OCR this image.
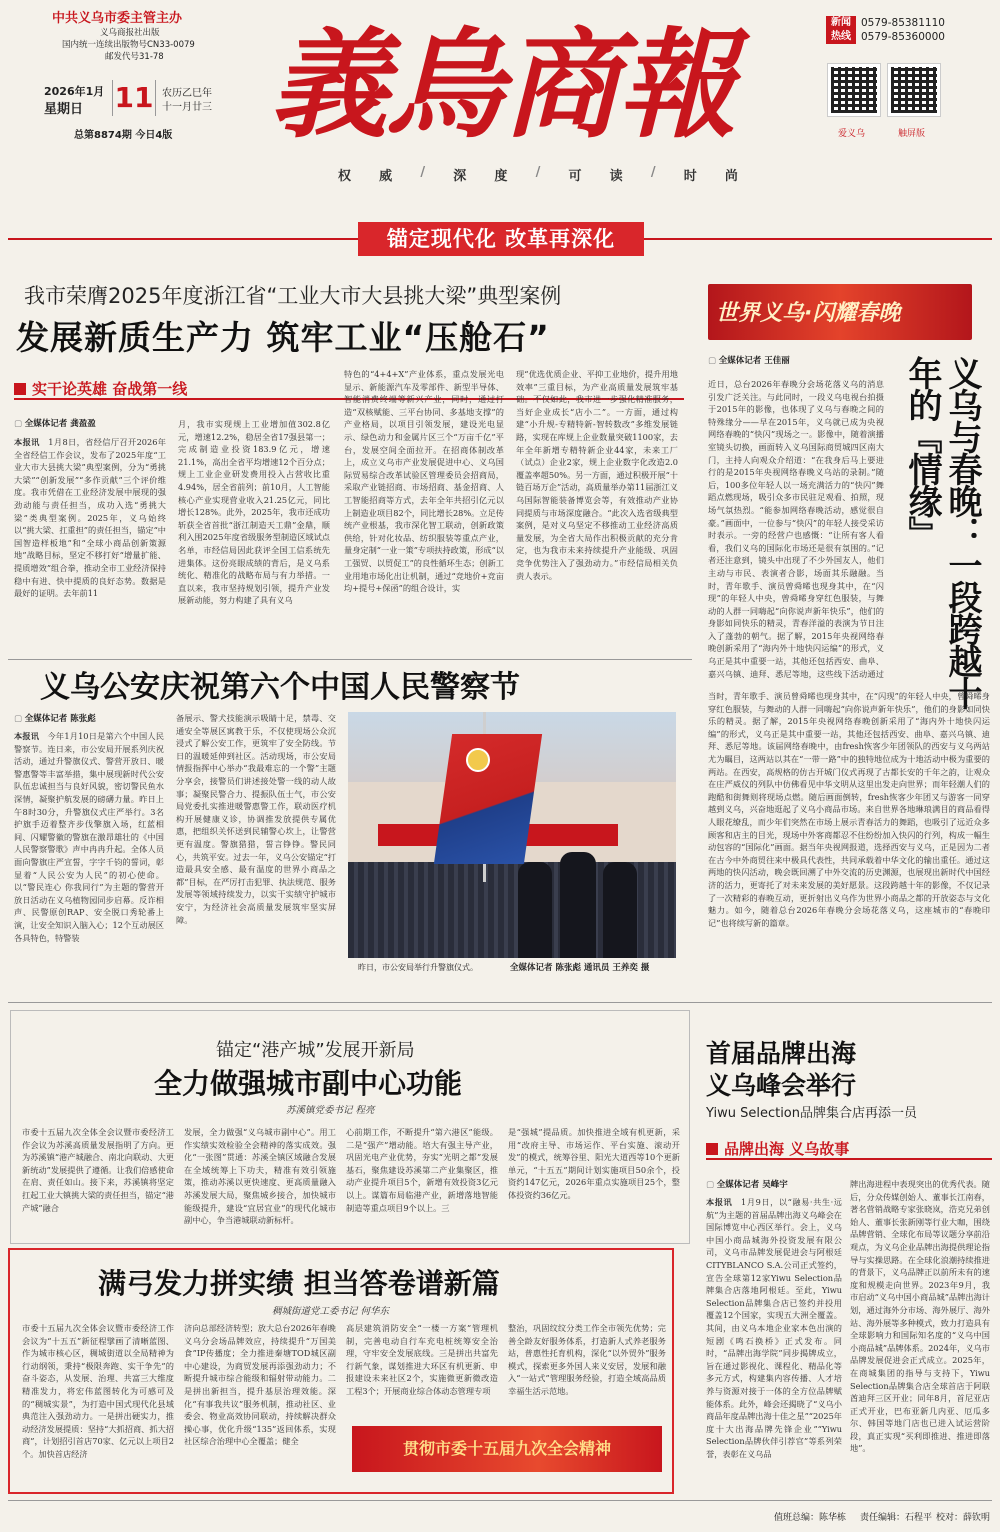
中共义乌市委主管主办
义乌商报社出版
国内统一连续出版物号CN33-0079
邮发代号31-78
2026年1月
星期日 11 农历乙巳年
十一月廿三
总第8874期 今日4版 義烏商報
权 威 / 深 度 / 可 读 / 时 尚
新闻
热线
0579-85381110
0579-85360000
爱义乌	触屏版
锚定现代化 改革再深化
我市荣膺2025年度浙江省“工业大市大县挑大梁”典型案例
发展新质生产力 筑牢工业“压舱石”
实干论英雄 奋战第一线
▢ 全媒体记者 龚盈盈
本报讯　 1月8日，省经信厅召开2026年全省经信工作会议，发布了2025年度“工业大市大县挑大梁”典型案例，分为“勇挑大梁”“创新发展”“多作贡献”三个评价维度。我市凭借在工业经济发展中展现的强劲动能与责任担当，成功入选“勇挑大梁”类典型案例。2025年，义乌始终以“挑大梁、扛重担”的责任担当，锚定“中国智造样板地”和“全球小商品创新策源地”战略目标，坚定不移打好“增量扩能、提质增效”组合拳，推动全市工业经济保持稳中有进、快中提质的良好态势。数据是最好的证明。去年前11
月，我市实现规上工业增加值302.8亿元，增速12.2%，稳居全省17强县第一；完成制造业投资183.9亿元，增速21.1%，高出全省平均增速12个百分点；规上工业企业研发费用投入占营收比重4.94%，居全省前列；前10月，人工智能核心产业实现营业收入21.25亿元，同比增长128%。此外，2025年，我市还成功斩获全省首批“浙江制造天工鼎”金鼎，顺利入围2025年度省级服务型制造区域试点名单，市经信局因此获评全国工信系统先进集体。这份亮眼成绩的背后，是义乌系统化、精准化的战略布局与有力举措。一直以来，我市坚持规划引领，提升产业发展新动能，努力构建了具有义乌
特色的“4+4+X”产业体系，重点发展光电显示、新能源汽车及零部件、新型半导体、智能消费终端等新兴产业，同时，通过打造“双核赋能、三平台协同、多基地支撑”的产业格局，以项目引领发展，建设光电显示、绿色动力和金属片区三个“万亩千亿”平台，发展空间全面拉开。在招商体制改革上，成立义乌市产业发展促进中心、义乌国际贸易综合改革试验区管理委员会招商局，采取产业链招商、市场招商、基金招商、人工智能招商等方式，去年全年共招引亿元以上制造业项目82个，同比增长28%。立足传统产业根基，我市深化智工联动，创新政策供给，针对化妆品、纺织服装等重点产业，量身定制“一业一策”专项扶持政策，形成“以工强贸、以贸促工”的良性循环生态；创新工业用地市场化出让机制，通过“竞地价+竞亩均+提号+保函”的组合设计，实
现“优选优质企业、平抑工业地价，提升用地效率”三重目标，为产业高质量发展筑牢基础。不仅如此，我市进一步强化精准服务，当好企业成长“店小二”。一方面，通过构建“小升规-专精特新-智转数改”多维发展链路，实现在库规上企业数量突破1100家，去年全年新增专精特新企业44家，未来工厂（试点）企业2家，规上企业数字化改造2.0覆盖率超50%。另一方面，通过积极开展“十链百场万企”活动，高质量举办第11届浙江义乌国际智能装备博览会等，有效推动产业协同提质与市场深度融合。“此次入选省级典型案例，是对义乌坚定不移推动工业经济高质量发展，为全省大局作出积极贡献的充分肯定，也为我市未来持续提升产业能级、巩固竞争优势注入了强劲动力。”市经信局相关负责人表示。
义乌公安庆祝第六个中国人民警察节
▢ 全媒体记者 陈张彪
本报讯　 今年1月10日是第六个中国人民警察节。连日来，市公安局开展系列庆祝活动，通过升警旗仪式、警营开放日、暖警惠警等丰富举措，集中展现新时代公安队伍忠诚担当与良好风貌，密切警民鱼水深情，凝聚护航发展的磅礴力量。昨日上午8时30分，升警旗仪式庄严举行。3名护旗手迈着整齐步伐擎旗入场，红蓝相间、闪耀警徽的警旗在激昂雄壮的《中国人民警察警歌》声中冉冉升起。全体人员面向警旗庄严宣誓，字字千钧的誓词，彰显着“人民公安为人民”的初心使命。以“警民连心 你我同行”为主题的警营开放日活动在义乌植物园同步启幕。反诈相声、民警原创RAP、安全脱口秀轮番上演，让安全知识入脑入心；12个互动展区各具特色，特警装
备展示、警犬技能演示吸睛十足，禁毒、交通安全等展区寓教于乐，不仅使现场公众沉浸式了解公安工作，更筑牢了安全防线。节日的温暖延伸到社区。活动现场，市公安局情报指挥中心举办“我最难忘的一个警”主题分享会，接警员们讲述接处警一线的动人故事；凝聚民警合力、提振队伍士气，市公安局党委扎实推进暖警惠警工作，联动医疗机构开展健康义诊，协调推发放提供专属优惠，把组织关怀送到民辅警心坎上，让警营更有温度。警旗猎猎，誓言铮铮。警民同心，共筑平安。过去一年，义乌公安锚定“打造最具安全感、最有温度的世界小商品之都”目标，在严厉打击犯罪、执法规范、服务发展等领域持续发力，以实干实绩守护城市安宁，为经济社会高质量发展筑牢坚实屏障。
昨日，市公安局举行升警旗仪式。	全媒体记者 陈张彪 通讯员 王养奕 摄
世界义乌·闪耀春晚
▢ 全媒体记者 王佳丽
近日，总台2026年春晚分会场花落义乌的消息引发广泛关注。与此同时，一段义乌电视台拍摄于2015年的影像，也体现了义乌与春晚之间的特殊缘分——早在2015年，义乌就已成为央视网络春晚的“快闪”现场之一。影像中，随着演播室镜头切换，画面转入义乌国际商贸城四区南大门，主持人向观众介绍道：“在我身后马上要进行的是2015年央视网络春晚义乌站的录制。”随后，100多位年轻人以一场充满活力的“快闪”舞蹈点燃现场，吸引众多市民驻足观看、拍照，现场气氛热烈。“能参加网络春晚活动，感觉很自豪。”画面中，一位参与“快闪”的年轻人接受采访时表示。一旁的经营户也感慨：“让所有客人看看，我们义乌的国际化市场还是很有氛围的。”记者还注意到，镜头中出现了不少外国友人，他们主动与市民、表演者合影，场面其乐融融。当时，青年歌手、演员曾舜晞也现身其中，在“闪现”的年轻人中央，曾舜晞身穿红色服装，与舞动的人群一同嗨起“向你说声新年快乐”，他们的身影如同快乐的精灵，青春洋溢的表演为节日注入了蓬勃的朝气。据了解，2015年央视网络春晚创新采用了“海内外十地快闪运编”的形式，义乌正是其中重要一站，其他还包括西安、曲阜、嘉兴乌镇、迪拜、悉尼等地，这些线下活动通过	义乌与春晚：一段跨越十年的『情缘』
当时，青年歌手、演员曾舜晞也现身其中，在“闪现”的年轻人中央，曾舜晞身穿红色服装，与舞动的人群一同嗨起“向你说声新年快乐”，他们的身影如同快乐的精灵。据了解，2015年央视网络春晚创新采用了“海内外十地快闪运编”的形式，义乌正是其中重要一站，其他还包括西安、曲阜、嘉兴乌镇、迪拜、悉尼等地。该届网络春晚中，由fresh恢客少年团领队的西安与义乌两站尤为瞩目，这两站以其在“一带一路”中的独特地位成为十地活动中极为重要的两站。在西安，高规格的仿古开城门仪式再现了古都长安的千年之韵，让观众在庄严威仪的列队中仿佛看见中华文明从这里出发走向世界；而年轻潮人们的跑酷和街舞则将现场点燃。随后画面倒转，fresh恢客少年团又与游客一同穿越到义乌，兴奋地逛起了义乌小商品市场。来自世界各地琳琅满目的商品看得人眼花缭乱，而少年们突然在市场上展示青春活力的舞蹈，也吸引了远近众多顾客和店主的目光，现场中外客商都忍不住纷纷加入快闪的行列，构成一幅生动包容的“国际化”画面。据当年央视网报道，选择西安与义乌，正是因为二者在古今中外商贸往来中极具代表性，共同承载着中华文化的输出重任。通过这两地的快闪活动，晚会既回溯了中外交流的历史渊源，也展现出新时代中国经济的活力，更寄托了对未来发展的美好愿景。这段跨越十年的影像，不仅记录了一次精彩的春晚互动，更折射出义乌作为世界小商品之都的开放姿态与文化魅力。如今，随着总台2026年春晚分会场花落义乌，这座城市的“春晚印记”也将续写新的篇章。
锚定“港产城”发展开新局
全力做强城市副中心功能
苏溪镇党委书记 程亮
市委十五届九次全体全会议暨市委经济工作会议为苏溪高质量发展指明了方向。更为苏溪镇“港产城融合、南北向联动、大更新统动”发展提供了遵循。让我们倍感使命在肩、责任如山。接下来，苏溪镇将坚定扛起工业大镇挑大梁的责任担当，锚定“港产城”融合
发展，全力做强“义乌城市副中心”。用工作实绩实效检验全会精神的落实成效。强化“一张图”贯通：苏溪全镇区域融合发展在全域统筹上下功夫，精准有效引领施策，推动苏溪以更快速度、更高质量融入苏溪发展大局，聚焦城乡接合，加快城市能级提升，建设“宜居宜业”的现代化城市副中心，争当港城联动新标杆。
心前期工作，不断提升“第六港区”能级。二是“强产”增动能。培大有强主导产业，巩固光电产业优势，夯实“光明之都”发展基石，聚焦建设苏溪第二产业集聚区，推动产业提升项目5个，新增有效投资3亿元以上。谋篇布局临港产业，新增落地智能制造等重点项目9个以上。三
是“强城”提品质。加快推进全域有机更新，采用“改府主导、市场运作、平台实施、滚动开发”的模式，统筹谷里、阳光大道西等10个更新单元，“十五五”期间计划实施项目50余个，投资约147亿元，2026年重点实施项目25个，整体投资约36亿元。
满弓发力拼实绩 担当答卷谱新篇
稠城街道党工委书记 何华东
市委十五届九次全体会议暨市委经济工作会议为“十五五”新征程擘画了清晰蓝图、作为城市核心区，稠城街道以全局精神为行动纲领，秉持“极限奔跑、实干争先”的奋斗姿态，从发展、治理、共富三大维度精准发力，将宏伟蓝图转化为可感可及的“稠城实景”，为打造中国式现代化县域典范注入强劲动力。一是拼出硬实力，推动经济发展提质：坚持“大抓招商、抓大招商”，计划招引首店70家、亿元以上项目2个。加快首店经济
济向总部经济转型；放大总台2026年春晚义乌分会场品牌效应，持续提升“万国美食”IP传播度；全力推进秦塘TOD城区副中心建设，为商贸发展再添强劲动力；不断提升城市综合能级和辐射带动能力。二是拼出新担当，提升基层治理效能。深化“有事我共议”服务机制，推动社区、业委会、物业高效协同联动，持续解决群众操心事，优化升级“135”返回体系，实现社区综合治理中心全覆盖；健全
高层建筑消防安全“一楼一方案”管理机制，完善电动自行车充电桩统筹安全治理，守牢安全发展底线。三是拼出共富先行新气象，谋划推进大环区有机更新、申报建设未来社区2个，实施微更新微改造工程3个；开展商业综合体动态管理专项
整治，巩固纹纹分类工作全市领先优势；完善全龄友好服务体系，打造新人式养老服务站，普惠性托育机构，深化“以外贸外”服务模式，探索更多外国人来义安居，发展和融入“一站式”管理服务经验，打造全域高品质幸福生活示范地。
贯彻市委十五届九次全会精神
首届品牌出海
义乌峰会举行
Yiwu Selection品牌集合店再添一员
品牌出海 义乌故事
▢ 全媒体记者 吴峰宇
本报讯　 1月9日，以“融易·共生·远航”为主题的首届品牌出海义乌峰会在国际博览中心西区举行。会上，义乌中国小商品城海外投资发展有限公司，义乌市品牌发展促进会与阿根廷CITYBLANCO S.A.公司正式签约，宣告全球第12家Yiwu Selection品牌集合店落地阿根廷。至此，Yiwu Selection品牌集合店已签约并投用覆盖12个国家，实现五大洲全覆盖。其间，由义乌本地企业家本色出演的短剧《鸣石换桥》正式发布。同时，“品牌出海学院”同步揭牌成立，旨在通过影视化、课程化、精品化等多元方式，构建集内容传播、人才培养与资源对接于一体的全方位品牌赋能体系。此外，峰会还揭晓了“义乌小商品年度品牌出海十佳之星”“2025年度十大出海品牌先锋企业”“Yiwu Selection品牌伙伴引荐官”等系列荣誉，表彰在义乌品
牌出海进程中表现突出的优秀代表。随后，分众传媒创始人、董事长江南春，著名营销战略专家张晓岚，浩克兄弟创始人、董事长张新刚等行业大咖，围绕品牌营销、全球化布局等议题分享前沿观点，为义乌企业品牌出海提供理论指导与实操思路。在全球化浪潮持续推进的背景下，义乌品牌正以前所未有的速度和规模走向世界。2023年9月，我市启动“义乌中国小商品城”品牌出海计划，通过海外分市场、海外展厅、海外站、海外展等多种模式，致力打造具有全球影响力和国际知名度的“义乌中国小商品城”品牌体系。2024年，义乌市品牌发展促进会正式成立。2025年，在商城集团的指导与支持下，Yiwu Selection品牌集合店全球首店于阿联酋迪拜三区开业；同年8月，首尼亚店正式开业，巴布亚新几内亚、厄瓜多尔、韩国等地门店也已进入试运营阶段，真正实现“买利即推进、推进即落地”。
值班总编：陈华栋 责任编辑：石程平 校对：薛钦明
